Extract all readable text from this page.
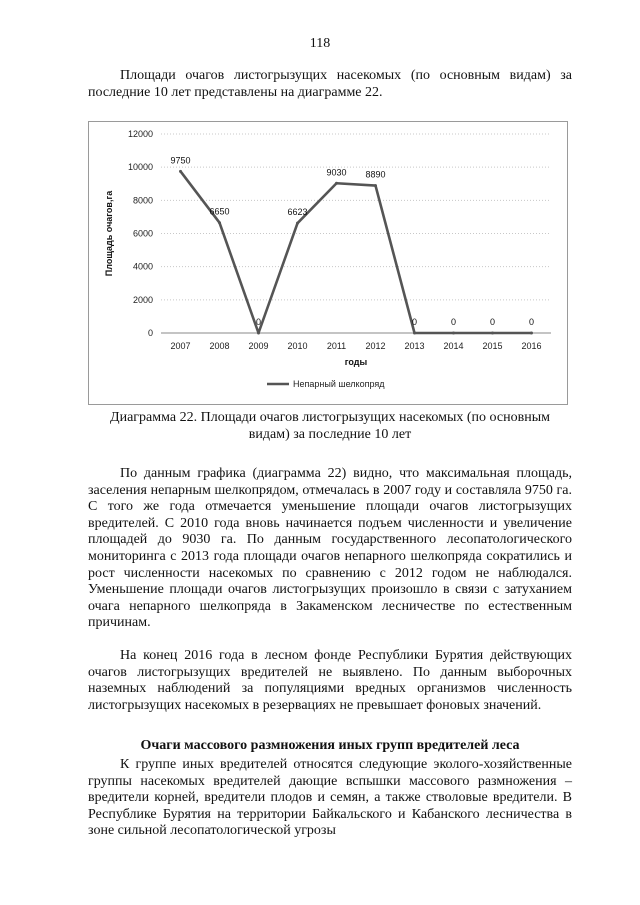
118

Площади очагов листогрызущих насекомых (по основным видам) за последние 10 лет представлены на диаграмме 22.

0
2000
4000
6000
8000
10000
12000
2007 2008 2009 2010 2011 2012 2013 2014 2015 2016
годы
Площадь очагов,га
9750
6650
0
6623
9030 8890
0	0	0	0
Непарный шелкопряд

Диаграмма 22. Площади очагов листогрызущих насекомых (по основным видам) за последние 10 лет

По данным графика (диаграмма 22) видно, что максимальная площадь, заселения непарным шелкопрядом, отмечалась в 2007 году и составляла 9750 га. С того же года отмечается уменьшение площади очагов листогрызущих вредителей. С 2010 года вновь начинается подъем численности и увеличение площадей до 9030 га. По данным государственного лесопатологического мониторинга с 2013 года площади очагов непарного шелкопряда сократились и рост численности насекомых по сравнению с 2012 годом не наблюдался. Уменьшение площади очагов листогрызущих произошло в связи с затуханием очага непарного шелкопряда в Закаменском лесничестве по естественным причинам.

На конец 2016 года в лесном фонде Республики Бурятия действующих очагов листогрызущих вредителей не выявлено. По данным выборочных наземных наблюдений за популяциями вредных организмов численность листогрызущих насекомых в резервациях не превышает фоновых значений.

Очаги массового размножения иных групп вредителей леса

К группе иных вредителей относятся следующие эколого-хозяйственные группы насекомых вредителей дающие вспышки массового размножения – вредители корней, вредители плодов и семян, а также стволовые вредители. В Республике Бурятия на территории Байкальского и Кабанского лесничества в зоне сильной лесопатологической угрозы
